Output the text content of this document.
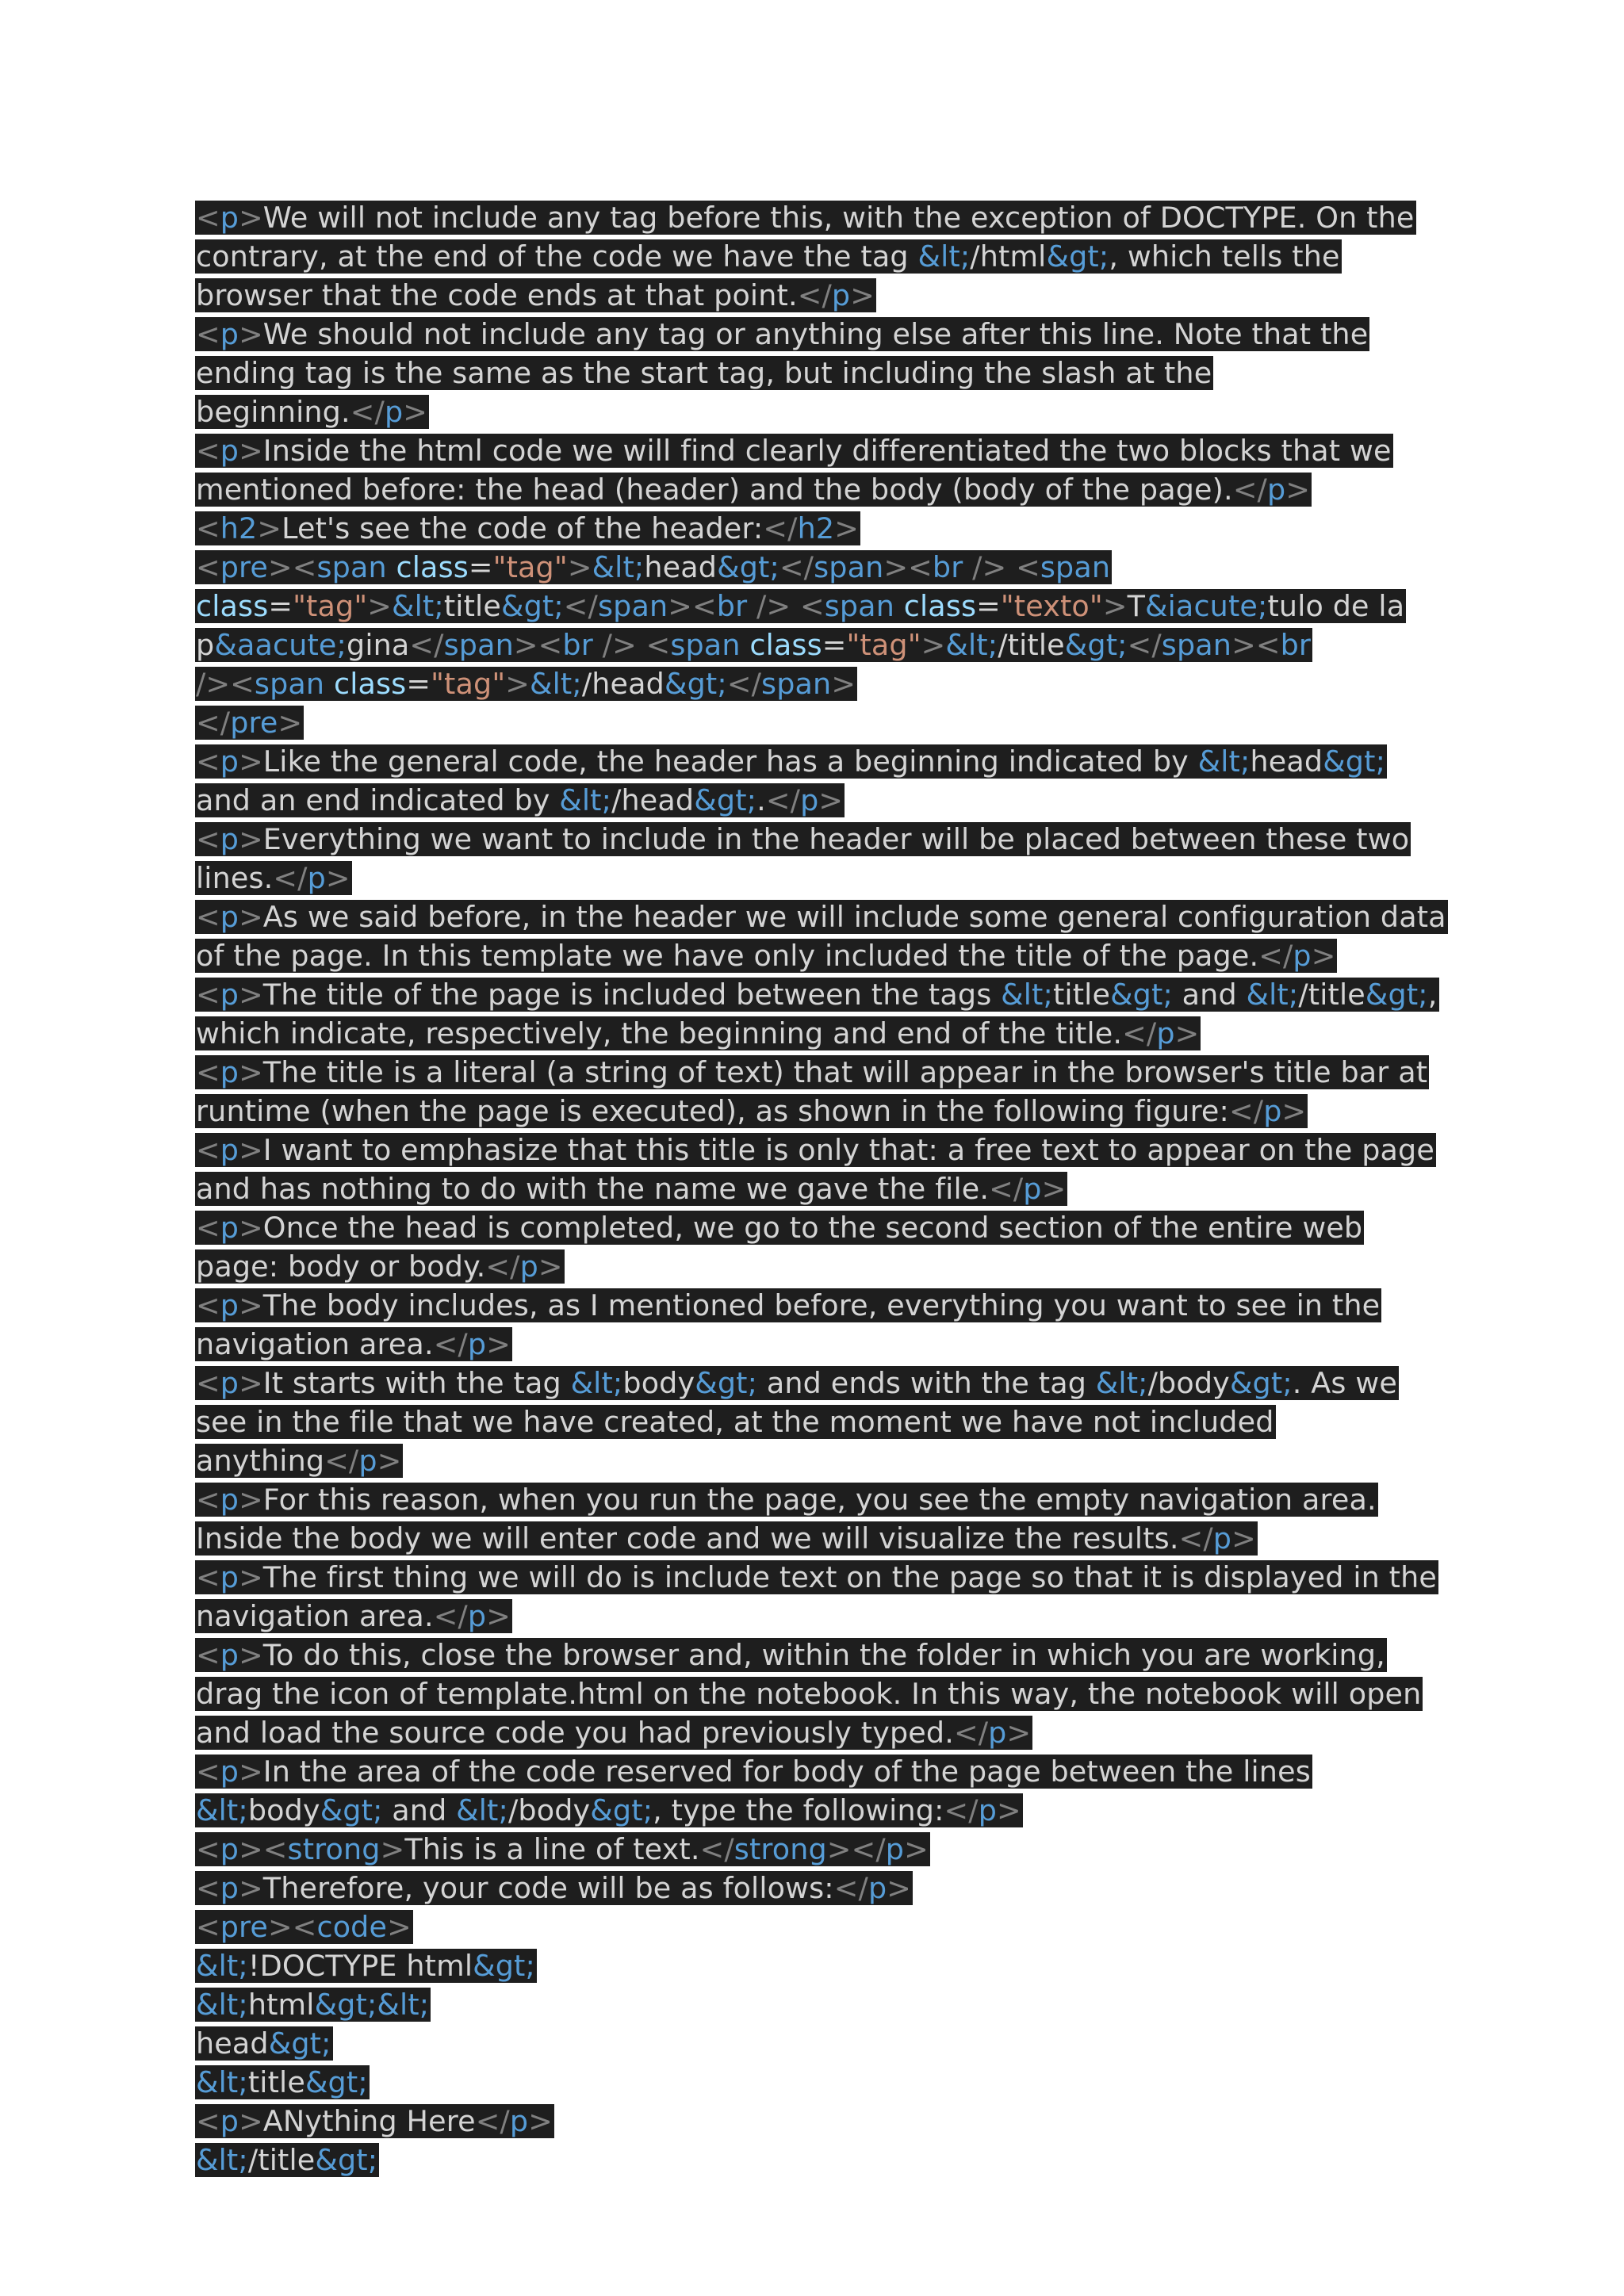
<p>We will not include any tag before this, with the exception of DOCTYPE. On the
contrary, at the end of the code we have the tag &lt;/html&gt;, which tells the
browser that the code ends at that point.</p>
<p>We should not include any tag or anything else after this line. Note that the
ending tag is the same as the start tag, but including the slash at the
beginning.</p>
<p>Inside the html code we will find clearly differentiated the two blocks that we
mentioned before: the head (header) and the body (body of the page).</p>
<h2>Let's see the code of the header:</h2>
<pre><span class="tag">&lt;head&gt;</span><br /> <span
class="tag">&lt;title&gt;</span><br /> <span class="texto">T&iacute;tulo de la
p&aacute;gina</span><br /> <span class="tag">&lt;/title&gt;</span><br
/><span class="tag">&lt;/head&gt;</span>
</pre>
<p>Like the general code, the header has a beginning indicated by &lt;head&gt;
and an end indicated by &lt;/head&gt;.</p>
<p>Everything we want to include in the header will be placed between these two
lines.</p>
<p>As we said before, in the header we will include some general configuration data
of the page. In this template we have only included the title of the page.</p>
<p>The title of the page is included between the tags &lt;title&gt; and &lt;/title&gt;,
which indicate, respectively, the beginning and end of the title.</p>
<p>The title is a literal (a string of text) that will appear in the browser's title bar at
runtime (when the page is executed), as shown in the following figure:</p>
<p>I want to emphasize that this title is only that: a free text to appear on the page
and has nothing to do with the name we gave the file.</p>
<p>Once the head is completed, we go to the second section of the entire web
page: body or body.</p>
<p>The body includes, as I mentioned before, everything you want to see in the
navigation area.</p>
<p>It starts with the tag &lt;body&gt; and ends with the tag &lt;/body&gt;. As we
see in the file that we have created, at the moment we have not included
anything</p>
<p>For this reason, when you run the page, you see the empty navigation area.
Inside the body we will enter code and we will visualize the results.</p>
<p>The first thing we will do is include text on the page so that it is displayed in the
navigation area.</p>
<p>To do this, close the browser and, within the folder in which you are working,
drag the icon of template.html on the notebook. In this way, the notebook will open
and load the source code you had previously typed.</p>
<p>In the area of the code reserved for body of the page between the lines
&lt;body&gt; and &lt;/body&gt;, type the following:</p>
<p><strong>This is a line of text.</strong></p>
<p>Therefore, your code will be as follows:</p>
<pre><code>
&lt;!DOCTYPE html&gt;
&lt;html&gt;&lt;
head&gt;
&lt;title&gt;
<p>ANything Here</p>
&lt;/title&gt;
